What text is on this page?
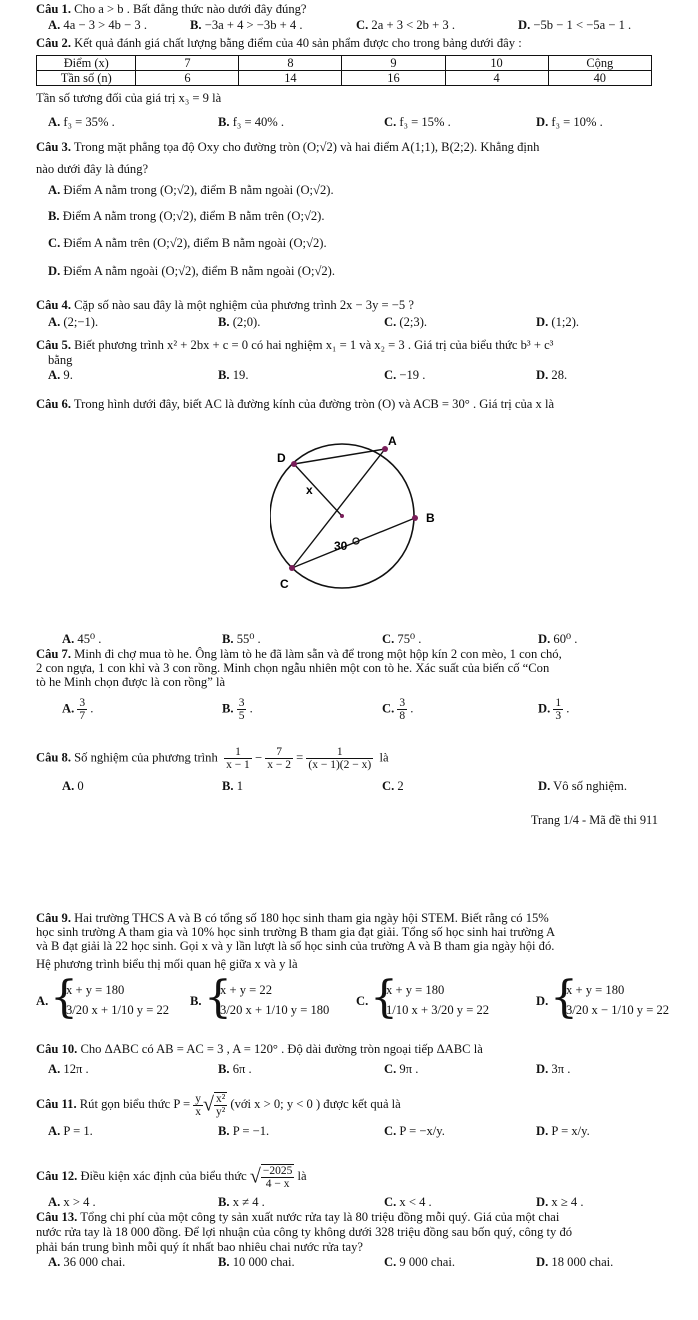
Câu 1. Cho a > b . Bất đẳng thức nào dưới đây đúng?
A. 4a − 3 > 4b − 3 .	B. −3a + 4 > −3b + 4 .	C. 2a + 3 < 2b + 3 .	D. −5b − 1 < −5a − 1 .
Câu 2. Kết quả đánh giá chất lượng bằng điểm của 40 sản phẩm được cho trong bảng dưới đây :
Điểm (x)	7	8	9	10	Cộng
Tần số (n)	6	14	16	4	40
Tần số tương đối của giá trị x₃ = 9 là
A. f₃ = 35% .	B. f₃ = 40% .	C. f₃ = 15% .	D. f₃ = 10% .
Câu 3. Trong mặt phẳng tọa độ Oxy cho đường tròn (O;√2) và hai điểm A(1;1), B(2;2). Khẳng định
nào dưới đây là đúng?
A. Điểm A nằm trong (O;√2), điểm B nằm ngoài (O;√2).
B. Điểm A nằm trong (O;√2), điểm B nằm trên (O;√2).
C. Điểm A nằm trên (O;√2), điểm B nằm ngoài (O;√2).
D. Điểm A nằm ngoài (O;√2), điểm B nằm ngoài (O;√2).
Câu 4. Cặp số nào sau đây là một nghiệm của phương trình 2x − 3y = −5 ?
A. (2;−1).	B. (2;0).	C. (2;3).	D. (1;2).
Câu 5. Biết phương trình x² + 2bx + c = 0 có hai nghiệm x₁ = 1 và x₂ = 3 . Giá trị của biểu thức b³ + c³
bằng
A. 9.	B. 19.	C. −19 .	D. 28.
Câu 6. Trong hình dưới đây, biết AC là đường kính của đường tròn (O) và ACB = 30° . Giá trị của x là
D
A
x
B
30
C
A. 45⁰ .	B. 55⁰ .	C. 75⁰ .	D. 60⁰ .
Câu 7. Minh đi chợ mua tò he. Ông làm tò he đã làm sẵn và để trong một hộp kín 2 con mèo, 1 con chó,
2 con ngựa, 1 con khỉ và 3 con rồng. Minh chọn ngẫu nhiên một con tò he. Xác suất của biến cố “Con
tò he Minh chọn được là con rồng” là
A. $\frac{3}{7}$ .	B. $\frac{3}{5}$ .	C. $\frac{3}{8}$ .	D. $\frac{1}{3}$ .
Câu 8. Số nghiệm của phương trình $\frac{1}{x - 1} - \frac{7}{x - 2} = \frac{1}{(x - 1)(2 - x)}$ là
A. 0	B. 1	C. 2	D. Vô số nghiệm.
Trang 1/4 - Mã đề thi 911
Câu 9. Hai trường THCS A và B có tổng số 180 học sinh tham gia ngày hội STEM. Biết rằng có 15%
học sinh trường A tham gia và 10% học sinh trường B tham gia đạt giải. Tổng số học sinh hai trường A
và B đạt giải là 22 học sinh. Gọi x và y lần lượt là số học sinh của trường A và B tham gia ngày hội đó.
Hệ phương trình biểu thị mối quan hệ giữa x và y là
A. {
x + y = 180
3/20 x + 1/10 y = 22
B. {
x + y = 22
3/20 x + 1/10 y = 180
C. {
x + y = 180
1/10 x + 3/20 y = 22
D. {
x + y = 180
3/20 x − 1/10 y = 22
Câu 10. Cho ΔABC có AB = AC = 3 , A = 120° . Độ dài đường tròn ngoại tiếp ΔABC là
A. 12π .	B. 6π .	C. 9π .	D. 3π .
Câu 11. Rút gọn biểu thức $P = \frac{y}{x}$ √ $\frac{\text{x²}}{\text{y²}}$ (với x > 0; y < 0 ) được kết quả là
A. P = 1.	B. P = −1.	C. P = −x/y.	D. P = x/y.
Câu 12. Điều kiện xác định của biểu thức √ $\frac{-2025}{4 - x}$ là
A. x > 4 .	B. x ≠ 4 .	C. x < 4 .	D. x ≥ 4 .
Câu 13. Tổng chi phí của một công ty sản xuất nước rửa tay là 80 triệu đồng mỗi quý. Giá của một chai
nước rửa tay là 18 000 đồng. Để lợi nhuận của công ty không dưới 328 triệu đồng sau bốn quý, công ty đó
phải bán trung bình mỗi quý ít nhất bao nhiêu chai nước rửa tay?
A. 36 000 chai.	B. 10 000 chai.	C. 9 000 chai.	D. 18 000 chai.
